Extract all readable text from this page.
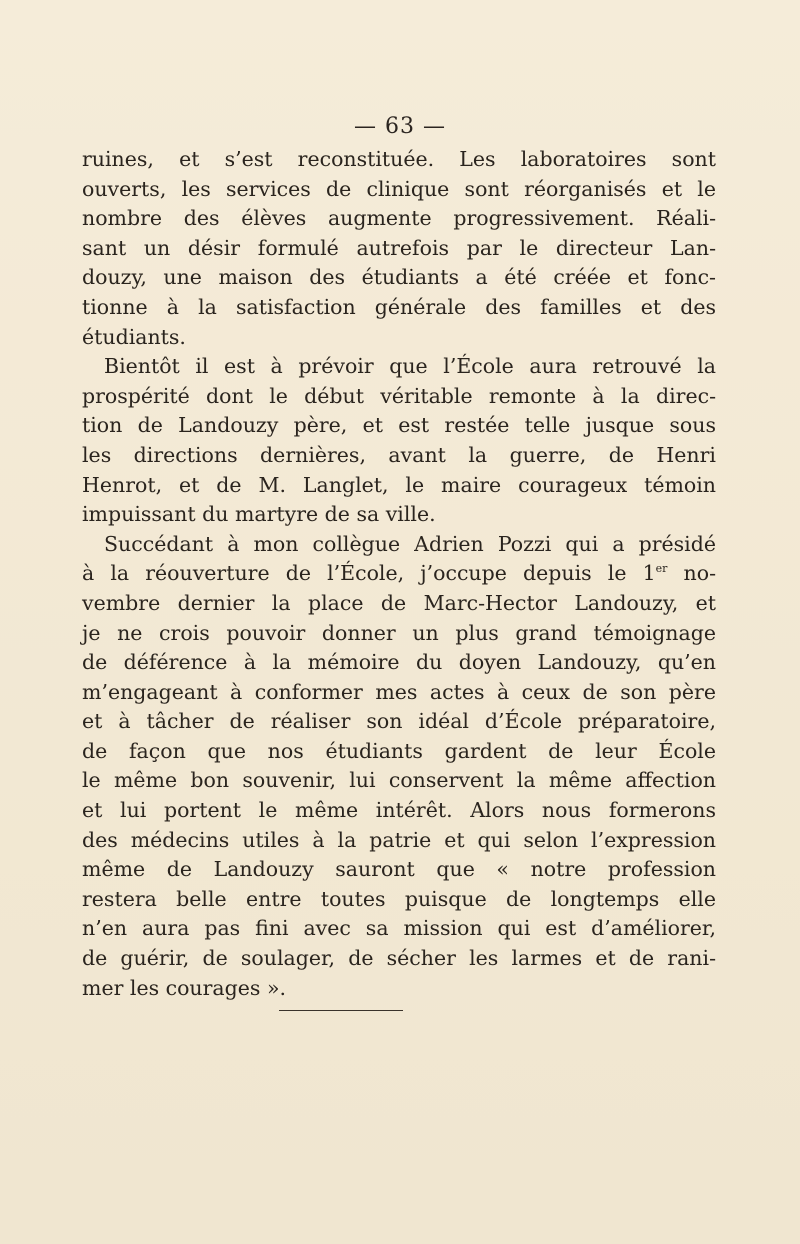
— 63 —
ruines, et s’est reconstituée. Les laboratoires sont
ouverts, les services de clinique sont réorganisés et le
nombre des élèves augmente progressivement. Réali-
sant un désir formulé autrefois par le directeur Lan-
douzy, une maison des étudiants a été créée et fonc-
tionne à la satisfaction générale des familles et des
étudiants.
Bientôt il est à prévoir que l’École aura retrouvé la
prospérité dont le début véritable remonte à la direc-
tion de Landouzy père, et est restée telle jusque sous
les directions dernières, avant la guerre, de Henri
Henrot, et de M. Langlet, le maire courageux témoin
impuissant du martyre de sa ville.
Succédant à mon collègue Adrien Pozzi qui a présidé
à la réouverture de l’École, j’occupe depuis le 1er no-
vembre dernier la place de Marc-Hector Landouzy, et
je ne crois pouvoir donner un plus grand témoignage
de déférence à la mémoire du doyen Landouzy, qu’en
m’engageant à conformer mes actes à ceux de son père
et à tâcher de réaliser son idéal d’École préparatoire,
de façon que nos étudiants gardent de leur École
le même bon souvenir, lui conservent la même affection
et lui portent le même intérêt. Alors nous formerons
des médecins utiles à la patrie et qui selon l’expression
même de Landouzy sauront que « notre profession
restera belle entre toutes puisque de longtemps elle
n’en aura pas fini avec sa mission qui est d’améliorer,
de guérir, de soulager, de sécher les larmes et de rani-
mer les courages ».
